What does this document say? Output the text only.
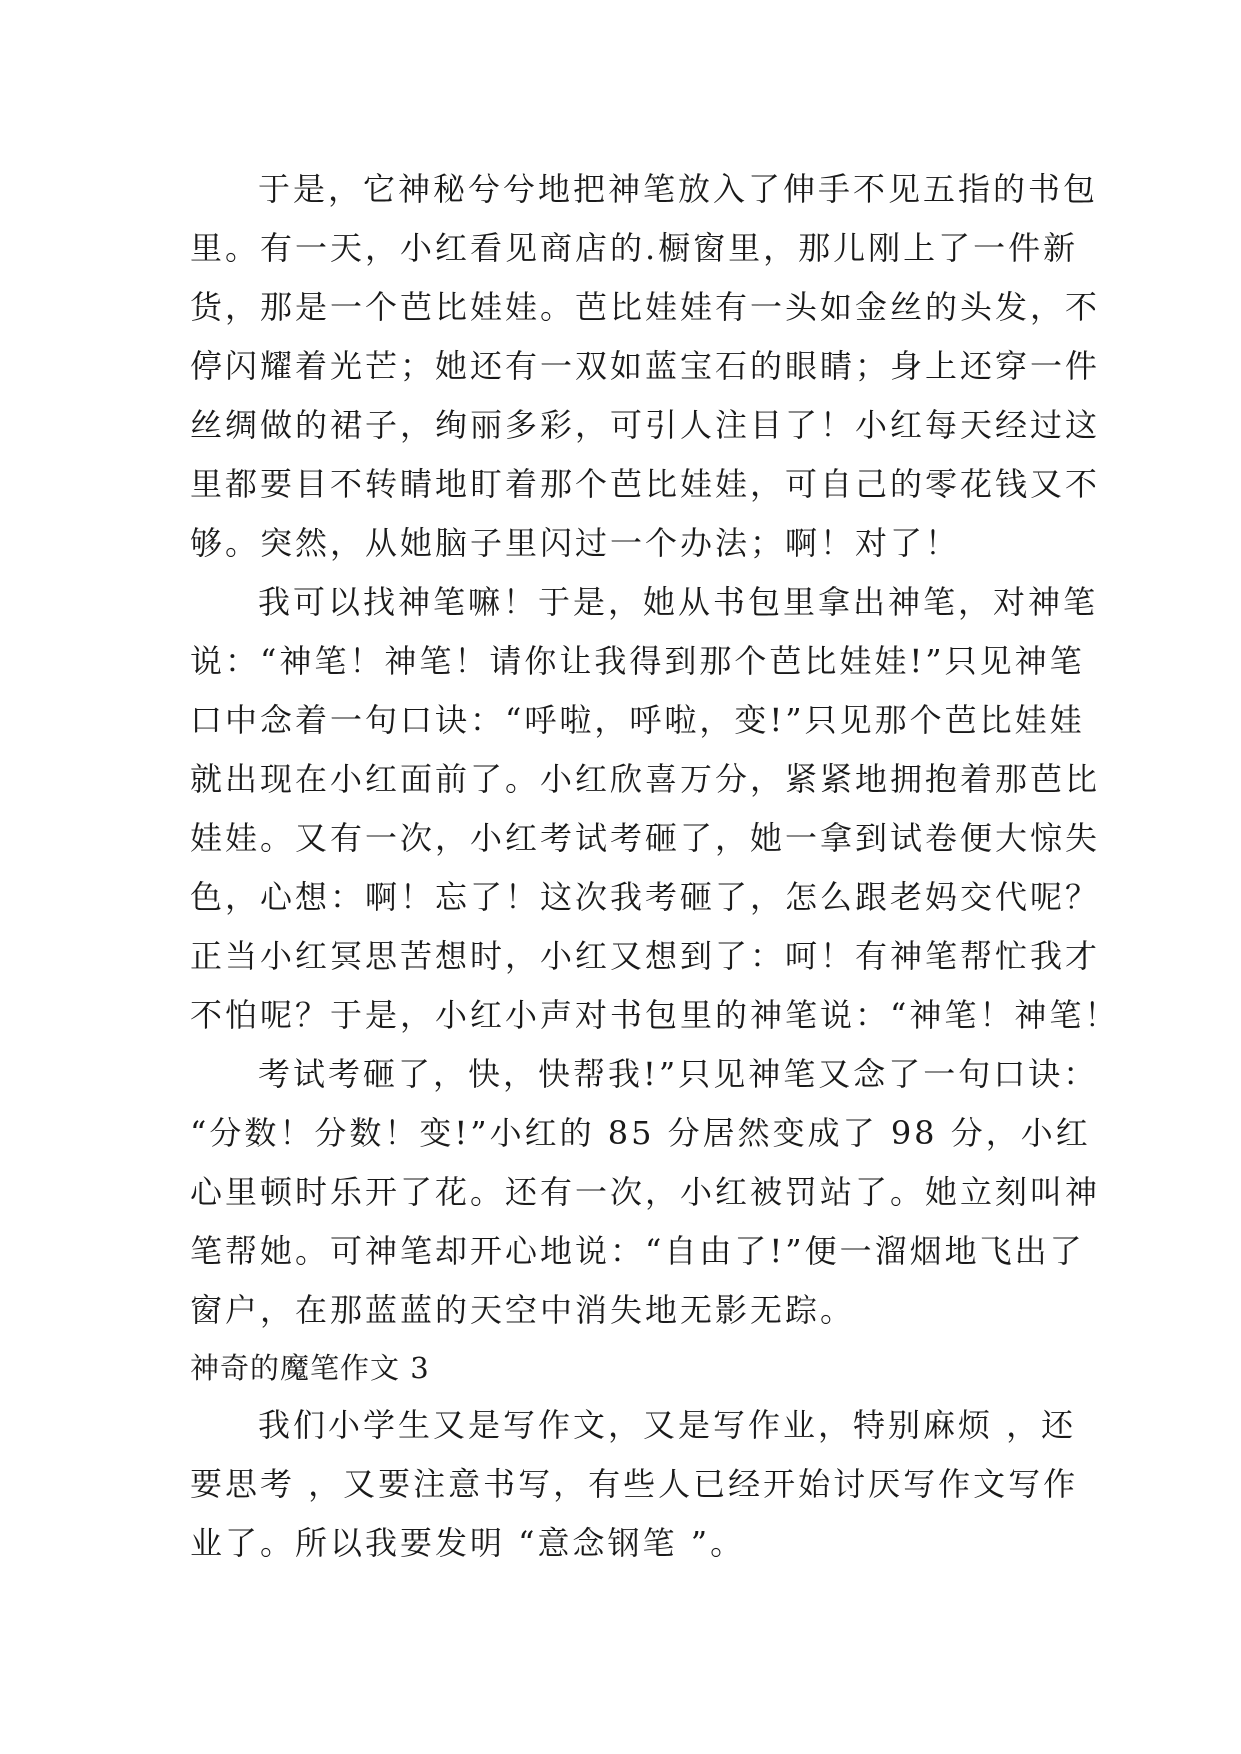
于是，它神秘兮兮地把神笔放入了伸手不见五指的书包
里。有一天，小红看见商店的.橱窗里，那儿刚上了一件新
货，那是一个芭比娃娃。芭比娃娃有一头如金丝的头发，不
停闪耀着光芒；她还有一双如蓝宝石的眼睛；身上还穿一件
丝绸做的裙子，绚丽多彩，可引人注目了！小红每天经过这
里都要目不转睛地盯着那个芭比娃娃，可自己的零花钱又不
够。突然，从她脑子里闪过一个办法；啊！对了！
我可以找神笔嘛！于是，她从书包里拿出神笔，对神笔
说：“神笔！神笔！请你让我得到那个芭比娃娃!”只见神笔
口中念着一句口诀：“呼啦，呼啦，变!”只见那个芭比娃娃
就出现在小红面前了。小红欣喜万分，紧紧地拥抱着那芭比
娃娃。又有一次，小红考试考砸了，她一拿到试卷便大惊失
色，心想：啊！忘了！这次我考砸了，怎么跟老妈交代呢？
正当小红冥思苦想时，小红又想到了：呵！有神笔帮忙我才
不怕呢？于是，小红小声对书包里的神笔说：“神笔！神笔！
考试考砸了，快，快帮我!”只见神笔又念了一句口诀：
“分数！分数！变!”小红的 85 分居然变成了 98 分，小红
心里顿时乐开了花。还有一次，小红被罚站了。她立刻叫神
笔帮她。可神笔却开心地说：“自由了!”便一溜烟地飞出了
窗户，在那蓝蓝的天空中消失地无影无踪。
神奇的魔笔作文 3
我们小学生又是写作文，又是写作业，特别麻烦 ，还
要思考 ，又要注意书写，有些人已经开始讨厌写作文写作
业了。所以我要发明 “意念钢笔 ”。
